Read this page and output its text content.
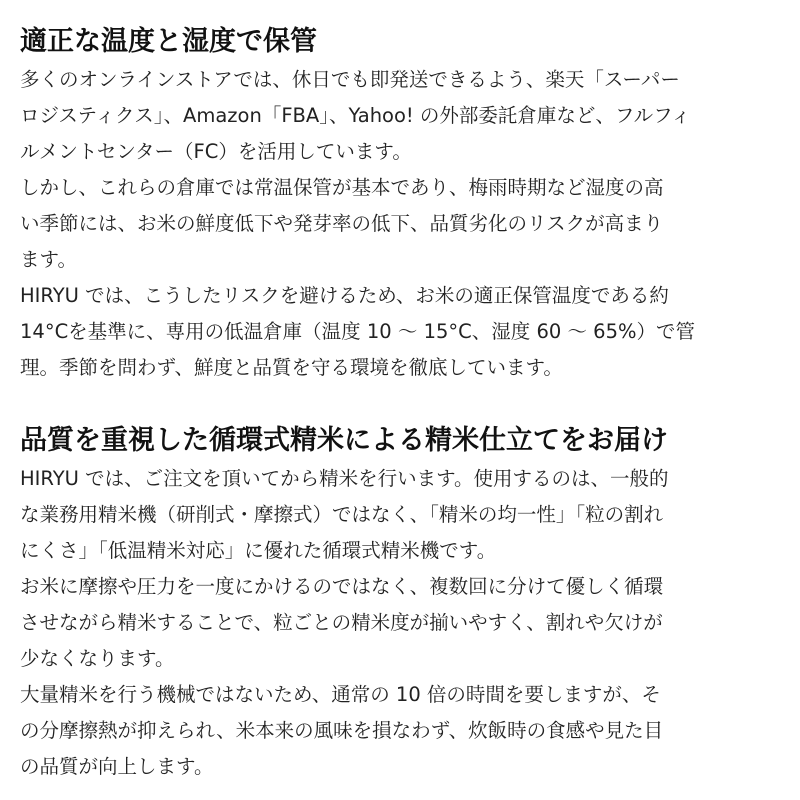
適正な温度と湿度で保管

多くのオンラインストアでは、休日でも即発送できるよう、楽天「スーパー
ロジスティクス」、Amazon「FBA」、Yahoo! の外部委託倉庫など、フルフィ
ルメントセンター（FC）を活用しています。

しかし、これらの倉庫では常温保管が基本であり、梅雨時期など湿度の高
い季節には、お米の鮮度低下や発芽率の低下、品質劣化のリスクが高まり
ます。

HIRYU では、こうしたリスクを避けるため、お米の適正保管温度である約
14°Cを基準に、専用の低温倉庫（温度 10 〜 15°C、湿度 60 〜 65%）で管
理。季節を問わず、鮮度と品質を守る環境を徹底しています。

品質を重視した循環式精米による精米仕立てをお届け

HIRYU では、ご注文を頂いてから精米を行います。使用するのは、一般的
な業務用精米機（研削式・摩擦式）ではなく、「精米の均一性」「粒の割れ
にくさ」「低温精米対応」に優れた循環式精米機です。

お米に摩擦や圧力を一度にかけるのではなく、複数回に分けて優しく循環
させながら精米することで、粒ごとの精米度が揃いやすく、割れや欠けが
少なくなります。

大量精米を行う機械ではないため、通常の 10 倍の時間を要しますが、そ
の分摩擦熱が抑えられ、米本来の風味を損なわず、炊飯時の食感や見た目
の品質が向上します。
